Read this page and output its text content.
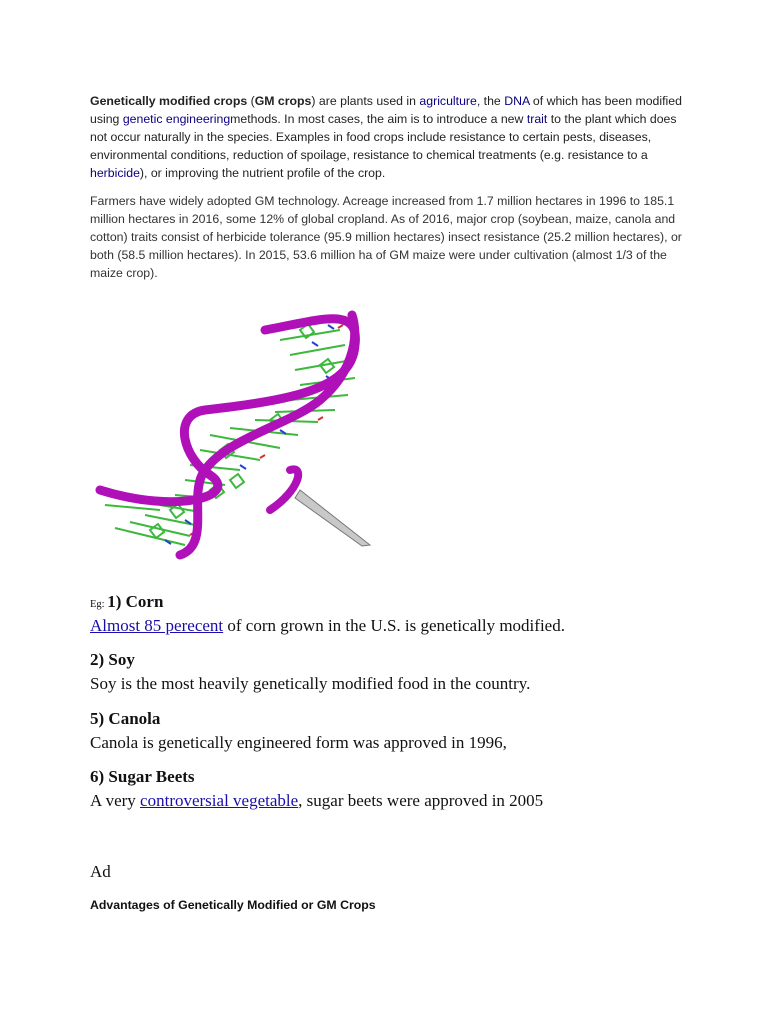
Genetically modified crops (GM crops) are plants used in agriculture, the DNA of which has been modified using genetic engineeringmethods. In most cases, the aim is to introduce a new trait to the plant which does not occur naturally in the species. Examples in food crops include resistance to certain pests, diseases, environmental conditions, reduction of spoilage, resistance to chemical treatments (e.g. resistance to a herbicide), or improving the nutrient profile of the crop.

Farmers have widely adopted GM technology. Acreage increased from 1.7 million hectares in 1996 to 185.1 million hectares in 2016, some 12% of global cropland. As of 2016, major crop (soybean, maize, canola and cotton) traits consist of herbicide tolerance (95.9 million hectares) insect resistance (25.2 million hectares), or both (58.5 million hectares). In 2015, 53.6 million ha of GM maize were under cultivation (almost 1/3 of the maize crop).

Eg: 1) Corn
Almost 85 perecent of corn grown in the U.S. is genetically modified.
2) Soy
Soy is the most heavily genetically modified food in the country.
5) Canola
Canola is genetically engineered form was approved in 1996,
6) Sugar Beets
A very controversial vegetable, sugar beets were approved in 2005
Ad
Advantages of Genetically Modified or GM Crops
